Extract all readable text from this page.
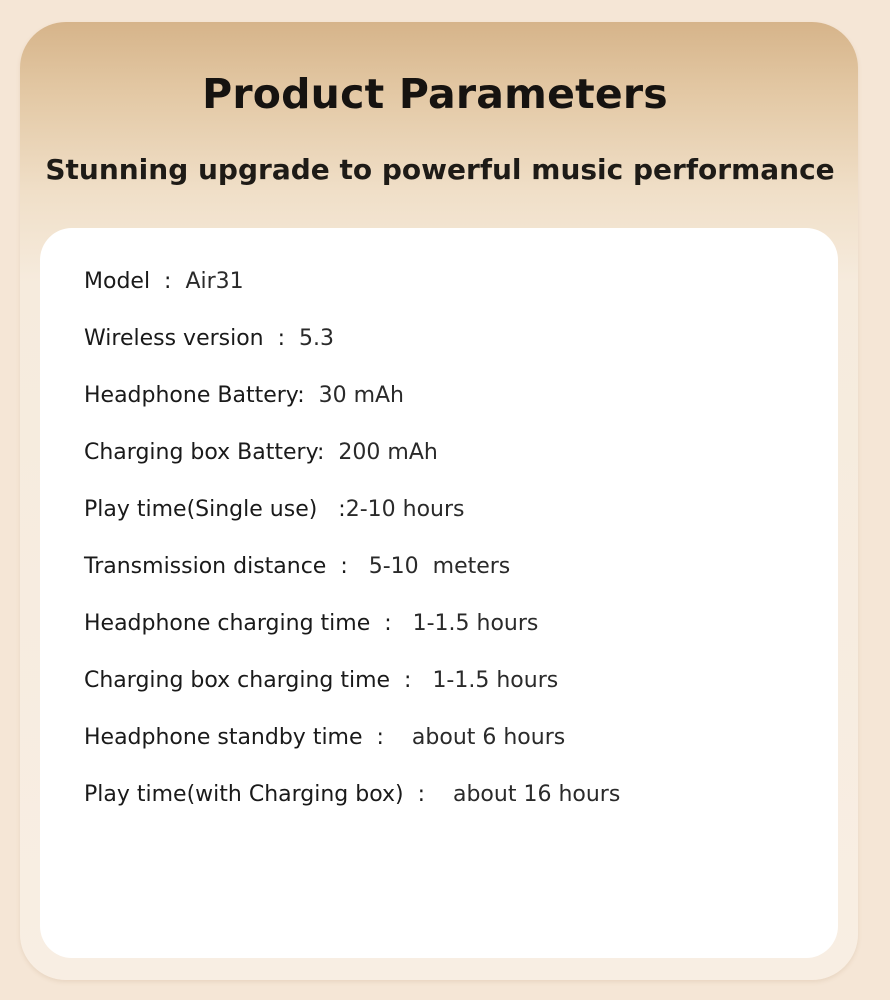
Product Parameters
Stunning upgrade to powerful music performance
Model  :  Air31
Wireless version  :  5.3
Headphone Battery:  30 mAh
Charging box Battery:  200 mAh
Play time(Single use)   :2-10 hours
Transmission distance  :   5-10  meters
Headphone charging time  :   1-1.5 hours
Charging box charging time  :   1-1.5 hours
Headphone standby time  :    about 6 hours
Play time(with Charging box)  :    about 16 hours
